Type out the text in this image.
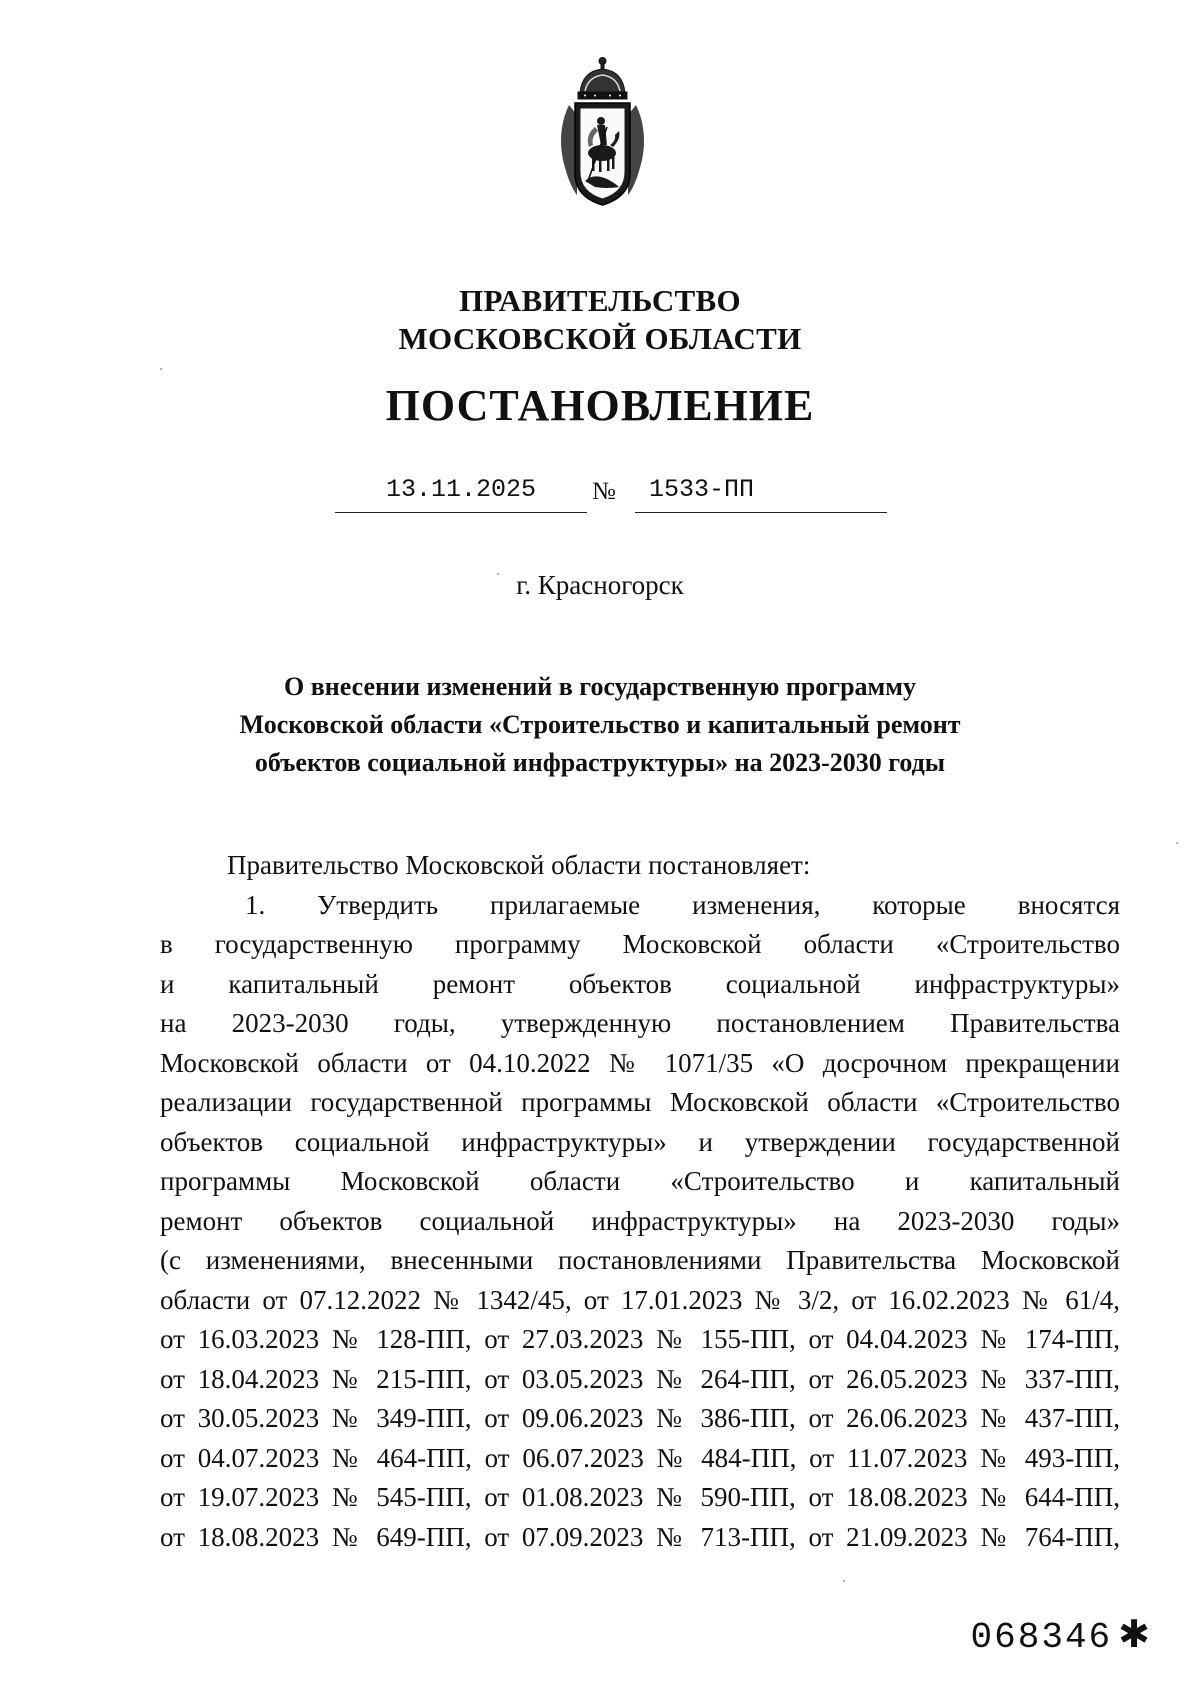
ПРАВИТЕЛЬСТВО
МОСКОВСКОЙ ОБЛАСТИ
ПОСТАНОВЛЕНИЕ
13.11.2025	№	1533-ПП
г. Красногорск
О внесении изменений в государственную программу
Московской области «Строительство и капитальный ремонт
объектов социальной инфраструктуры» на 2023-2030 годы
Правительство Московской области постановляет:
1. Утвердить прилагаемые изменения, которые вносятся
в государственную программу Московской области «Строительство
и капитальный ремонт объектов социальной инфраструктуры»
на 2023-2030 годы, утвержденную постановлением Правительства
Московской области от 04.10.2022 № 1071/35 «О досрочном прекращении
реализации государственной программы Московской области «Строительство
объектов социальной инфраструктуры» и утверждении государственной
программы Московской области «Строительство и капитальный
ремонт объектов социальной инфраструктуры» на 2023-2030 годы»
(с изменениями, внесенными постановлениями Правительства Московской
области от 07.12.2022 № 1342/45, от 17.01.2023 № 3/2, от 16.02.2023 № 61/4,
от 16.03.2023 № 128-ПП, от 27.03.2023 № 155-ПП, от 04.04.2023 № 174-ПП,
от 18.04.2023 № 215-ПП, от 03.05.2023 № 264-ПП, от 26.05.2023 № 337-ПП,
от 30.05.2023 № 349-ПП, от 09.06.2023 № 386-ПП, от 26.06.2023 № 437-ПП,
от 04.07.2023 № 464-ПП, от 06.07.2023 № 484-ПП, от 11.07.2023 № 493-ПП,
от 19.07.2023 № 545-ПП, от 01.08.2023 № 590-ПП, от 18.08.2023 № 644-ПП,
от 18.08.2023 № 649-ПП, от 07.09.2023 № 713-ПП, от 21.09.2023 № 764-ПП,
068346 ✱
